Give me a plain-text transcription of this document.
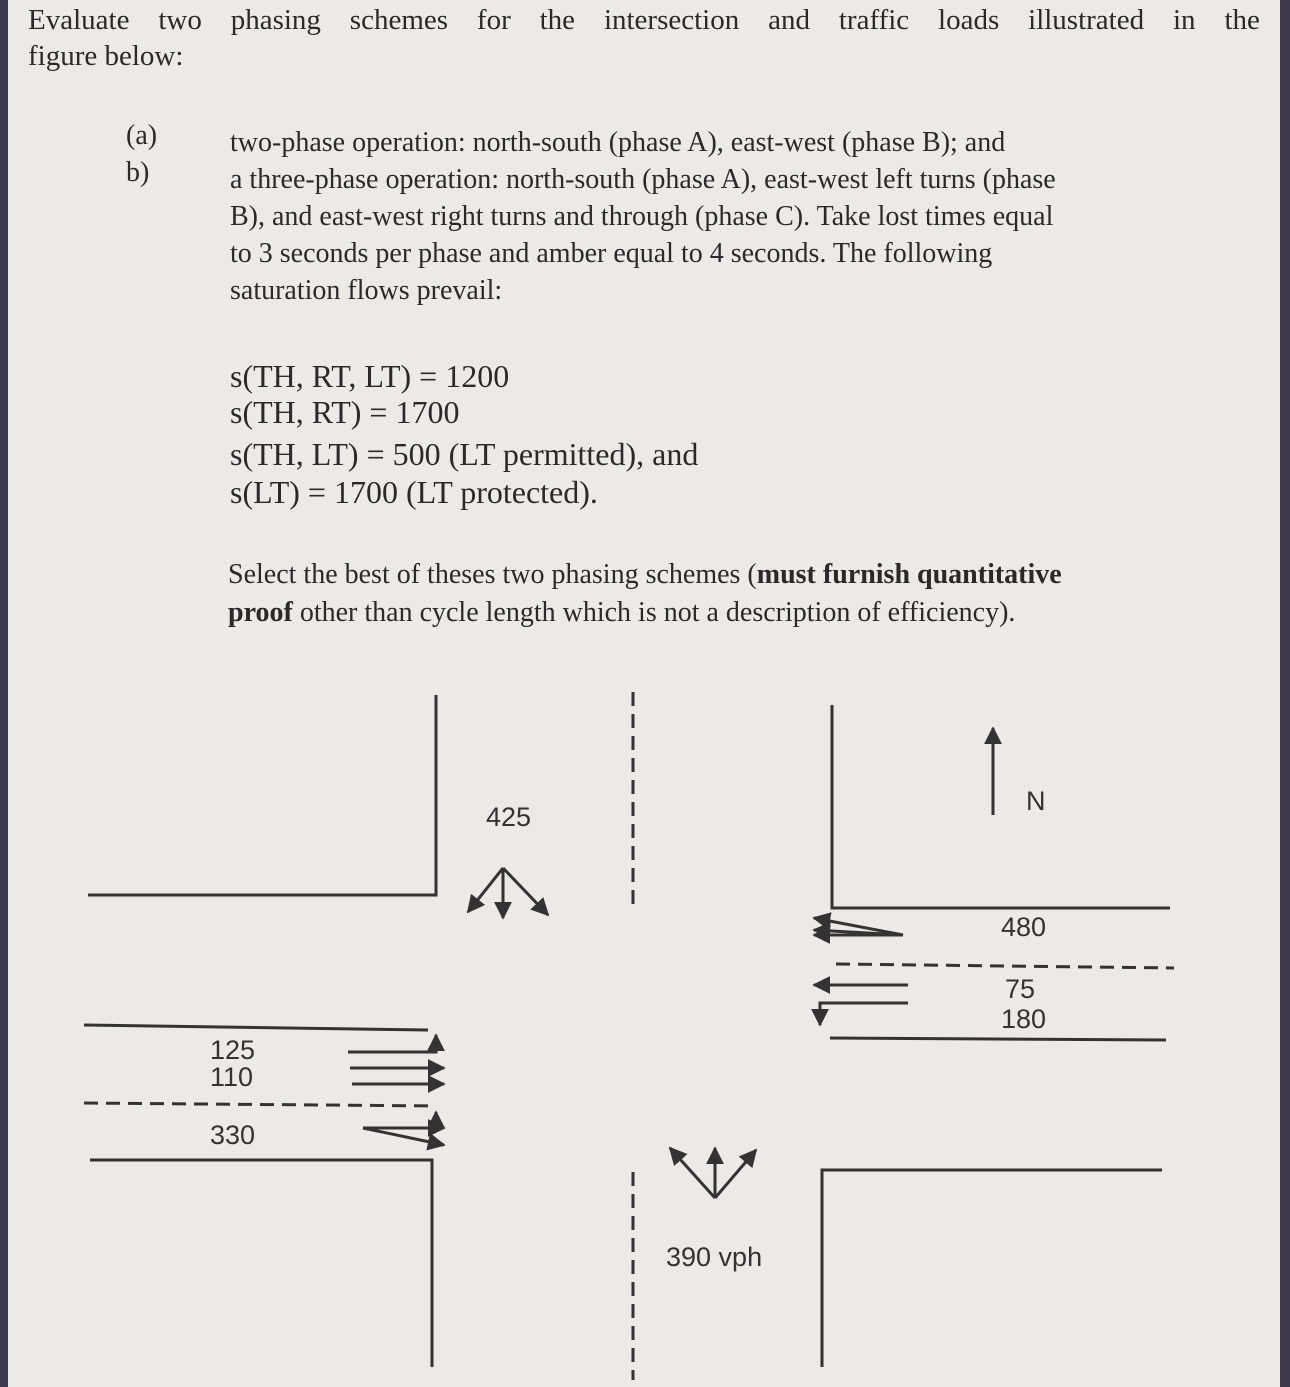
Evaluate two phasing schemes for the intersection and traffic loads illustrated in the
figure below:
(a)
b)
two-phase operation: north-south (phase A), east-west (phase B); and
a three-phase operation: north-south (phase A), east-west left turns (phase
B), and east-west right turns and through (phase C). Take lost times equal
to 3 seconds per phase and amber equal to 4 seconds. The following
saturation flows prevail:
s(TH, RT, LT) = 1200
s(TH, RT) = 1700
s(TH, LT) = 500 (LT permitted), and
s(LT) = 1700 (LT protected).
Select the best of theses two phasing schemes (must furnish quantitative
proof other than cycle length which is not a description of efficiency).
425
N
480
75
180
125
110
330
390 vph
